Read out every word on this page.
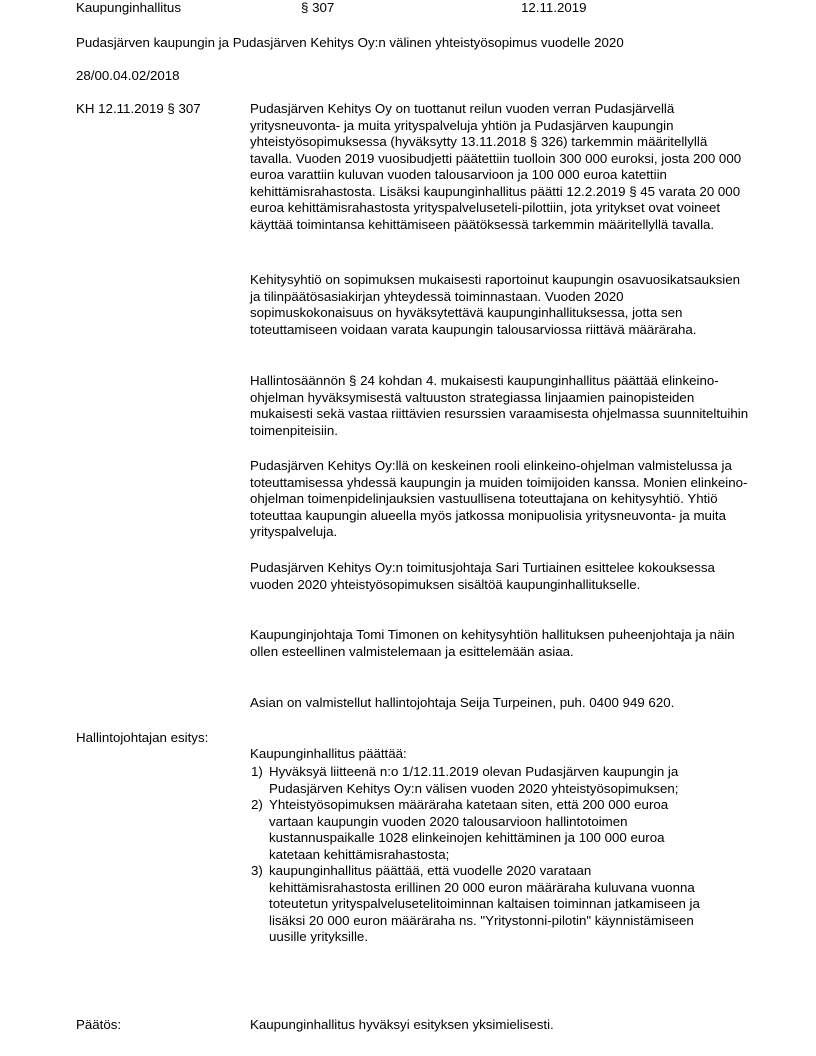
Kaupunginhallitus	§ 307	12.11.2019
Pudasjärven kaupungin ja Pudasjärven Kehitys Oy:n välinen yhteistyösopimus vuodelle 2020
28/00.04.02/2018
KH 12.11.2019 § 307	Pudasjärven Kehitys Oy on tuottanut reilun vuoden verran Pudasjärvellä yritysneuvonta- ja muita yrityspalveluja yhtiön ja Pudasjärven kaupungin yhteistyösopimuksessa (hyväksytty 13.11.2018 § 326) tarkemmin määritellyllä tavalla. Vuoden 2019 vuosibudjetti päätettiin tuolloin 300 000 euroksi, josta 200 000 euroa varattiin kuluvan vuoden talousarvioon ja 100 000 euroa katettiin kehittämisrahastosta. Lisäksi kaupunginhallitus päätti 12.2.2019 § 45 varata 20 000 euroa kehittämisrahastosta yrityspalveluseteli-pilottiin, jota yritykset ovat voineet käyttää toimintansa kehittämiseen päätöksessä tarkemmin määritellyllä tavalla.

Kehitysyhtiö on sopimuksen mukaisesti raportoinut kaupungin osavuosikatsauksien ja tilinpäätösasiakirjan yhteydessä toiminnastaan. Vuoden 2020 sopimuskokonaisuus on hyväksytettävä kaupunginhallituksessa, jotta sen toteuttamiseen voidaan varata kaupungin talousarviossa riittävä määräraha.

Hallintosäännön § 24 kohdan 4. mukaisesti kaupunginhallitus päättää elinkeino-ohjelman hyväksymisestä valtuuston strategiassa linjaamien painopisteiden mukaisesti sekä vastaa riittävien resurssien varaamisesta ohjelmassa suunniteltuihin toimenpiteisiin.

Pudasjärven Kehitys Oy:llä on keskeinen rooli elinkeino-ohjelman valmistelussa ja toteuttamisessa yhdessä kaupungin ja muiden toimijoiden kanssa. Monien elinkeino-ohjelman toimenpidelinjauksien vastuullisena toteuttajana on kehitysyhtiö. Yhtiö toteuttaa kaupungin alueella myös jatkossa monipuolisia yritysneuvonta- ja muita yrityspalveluja.

Pudasjärven Kehitys Oy:n toimitusjohtaja Sari Turtiainen esittelee kokouksessa vuoden 2020 yhteistyösopimuksen sisältöä kaupunginhallitukselle.

Kaupunginjohtaja Tomi Timonen on kehitysyhtiön hallituksen puheenjohtaja ja näin ollen esteellinen valmistelemaan ja esittelemään asiaa.

Asian on valmistellut hallintojohtaja Seija Turpeinen, puh. 0400 949 620.

Hallintojohtajan esitys:
Kaupunginhallitus päättää:
1) Hyväksyä liitteenä n:o 1/12.11.2019 olevan Pudasjärven kaupungin ja Pudasjärven Kehitys Oy:n välisen vuoden 2020 yhteistyösopimuksen;
2) Yhteistyösopimuksen määräraha katetaan siten, että 200 000 euroa vartaan kaupungin vuoden 2020 talousarvioon hallintotoimen kustannuspaikalle 1028 elinkeinojen kehittäminen ja 100 000 euroa katetaan kehittämisrahastosta;
3) kaupunginhallitus päättää, että vuodelle 2020 varataan kehittämisrahastosta erillinen 20 000 euron määräraha kuluvana vuonna toteutetun yrityspalvelusetelitoiminnan kaltaisen toiminnan jatkamiseen ja lisäksi 20 000 euron määräraha ns. "Yritystonni-pilotin" käynnistämiseen uusille yrityksille.
Päätös:	Kaupunginhallitus hyväksyi esityksen yksimielisesti.
